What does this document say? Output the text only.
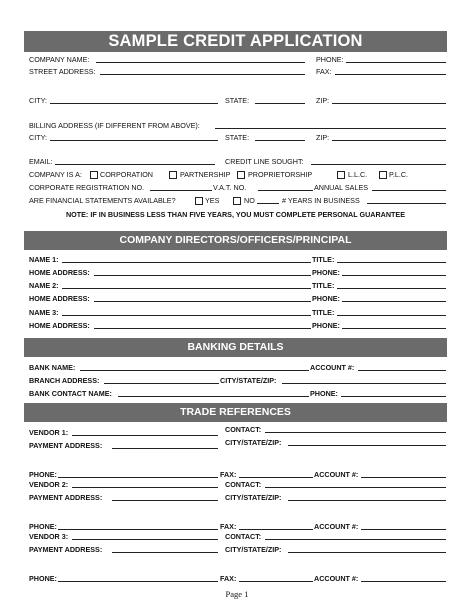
SAMPLE CREDIT APPLICATION
COMPANY NAME:	PHONE:
STREET ADDRESS:	FAX:
CITY:	STATE:	ZIP:
BILLING ADDRESS (IF DIFFERENT FROM ABOVE):
CITY:	STATE:	ZIP:
EMAIL:	CREDIT LINE SOUGHT:
COMPANY IS A:	CORPORATION	PARTNERSHIP PROPRIETORSHIP	L.L.C.	P.L.C.
CORPORATE REGISTRATION NO.	V.A.T. NO.	ANNUAL SALES
ARE FINANCIAL STATEMENTS AVAILABLE?	YES	NO	# YEARS IN BUSINESS
NOTE: IF IN BUSINESS LESS THAN FIVE YEARS, YOU MUST COMPLETE PERSONAL GUARANTEE
COMPANY DIRECTORS/OFFICERS/PRINCIPAL
NAME 1:	TITLE:
HOME ADDRESS:	PHONE:
NAME 2:	TITLE:
HOME ADDRESS:	PHONE:
NAME 3:	TITLE:
HOME ADDRESS:	PHONE:
BANKING DETAILS
BANK NAME:	ACCOUNT #:
BRANCH ADDRESS:	CITY/STATE/ZIP:
BANK CONTACT NAME:	PHONE:
TRADE REFERENCES
VENDOR 1:	CONTACT:
PAYMENT ADDRESS:	CITY/STATE/ZIP:
PHONE:	FAX:	ACCOUNT #:
VENDOR 2:	CONTACT:
PAYMENT ADDRESS:	CITY/STATE/ZIP:
PHONE:	FAX:	ACCOUNT #:
VENDOR 3:	CONTACT:
PAYMENT ADDRESS:	CITY/STATE/ZIP:
PHONE:	FAX:	ACCOUNT #:
Page 1
